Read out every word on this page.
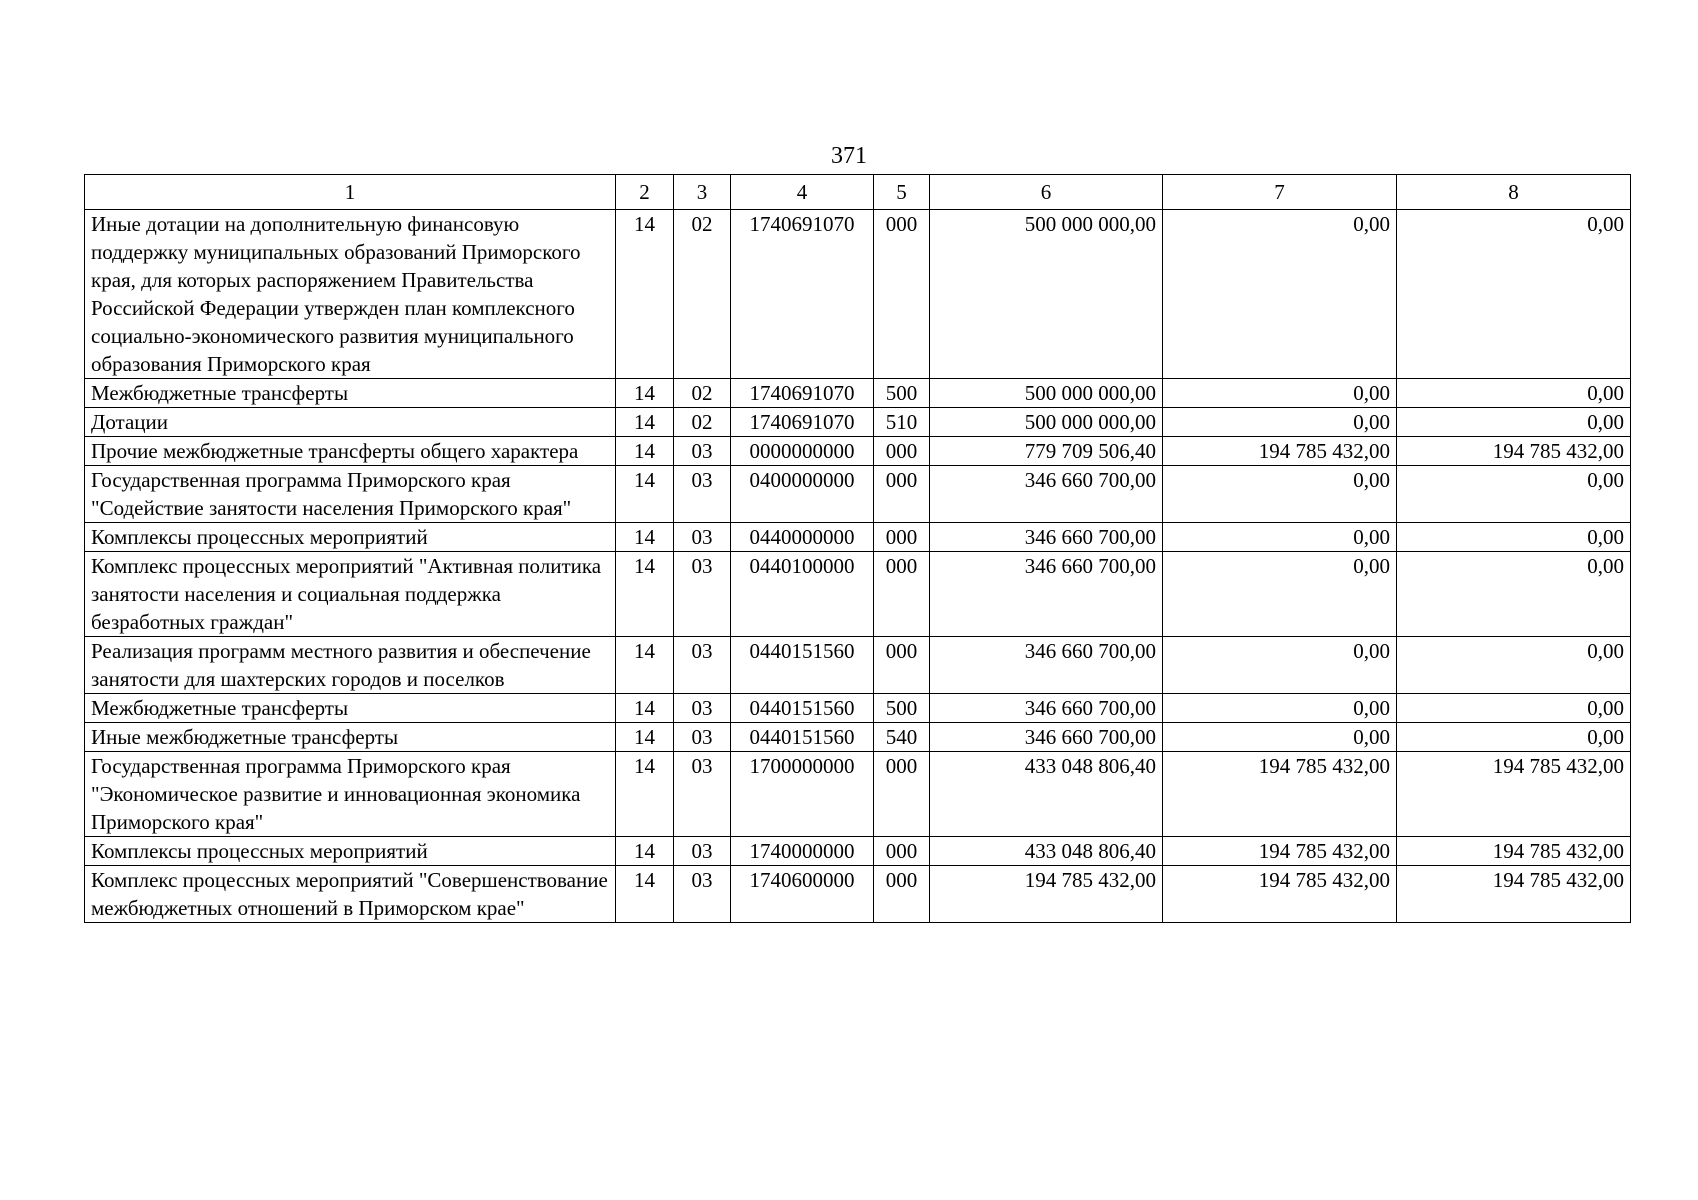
371
1	2	3	4	5	6	7	8
Иные дотации на дополнительную финансовую поддержку муниципальных образований Приморского края, для которых распоряжением Правительства Российской Федерации утвержден план комплексного социально-экономического развития муниципального образования Приморского края	14	02	1740691070	000	500 000 000,00	0,00	0,00
Межбюджетные трансферты	14	02	1740691070	500	500 000 000,00	0,00	0,00
Дотации	14	02	1740691070	510	500 000 000,00	0,00	0,00
Прочие межбюджетные трансферты общего характера	14	03	0000000000	000	779 709 506,40	194 785 432,00	194 785 432,00
Государственная программа Приморского края "Содействие занятости населения Приморского края"	14	03	0400000000	000	346 660 700,00	0,00	0,00
Комплексы процессных мероприятий	14	03	0440000000	000	346 660 700,00	0,00	0,00
Комплекс процессных мероприятий "Активная политика занятости населения и социальная поддержка безработных граждан"	14	03	0440100000	000	346 660 700,00	0,00	0,00
Реализация программ местного развития и обеспечение занятости для шахтерских городов и поселков	14	03	0440151560	000	346 660 700,00	0,00	0,00
Межбюджетные трансферты	14	03	0440151560	500	346 660 700,00	0,00	0,00
Иные межбюджетные трансферты	14	03	0440151560	540	346 660 700,00	0,00	0,00
Государственная программа Приморского края "Экономическое развитие и инновационная экономика Приморского края"	14	03	1700000000	000	433 048 806,40	194 785 432,00	194 785 432,00
Комплексы процессных мероприятий	14	03	1740000000	000	433 048 806,40	194 785 432,00	194 785 432,00
Комплекс процессных мероприятий "Совершенствование межбюджетных отношений в Приморском крае"	14	03	1740600000	000	194 785 432,00	194 785 432,00	194 785 432,00
